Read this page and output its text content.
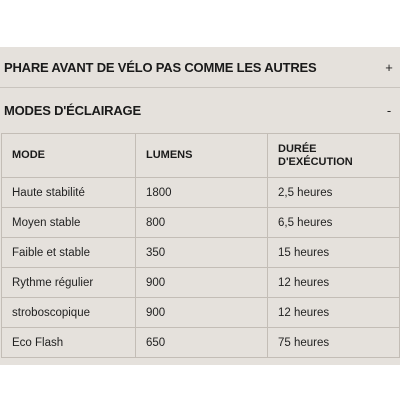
PHARE AVANT DE VÉLO PAS COMME LES AUTRES	+
MODES D'ÉCLAIRAGE	-
MODE	LUMENS	DURÉE
D'EXÉCUTION
Haute stabilité	1800	2,5 heures
Moyen stable	800	6,5 heures
Faible et stable	350	15 heures
Rythme régulier	900	12 heures
stroboscopique	900	12 heures
Eco Flash	650	75 heures
